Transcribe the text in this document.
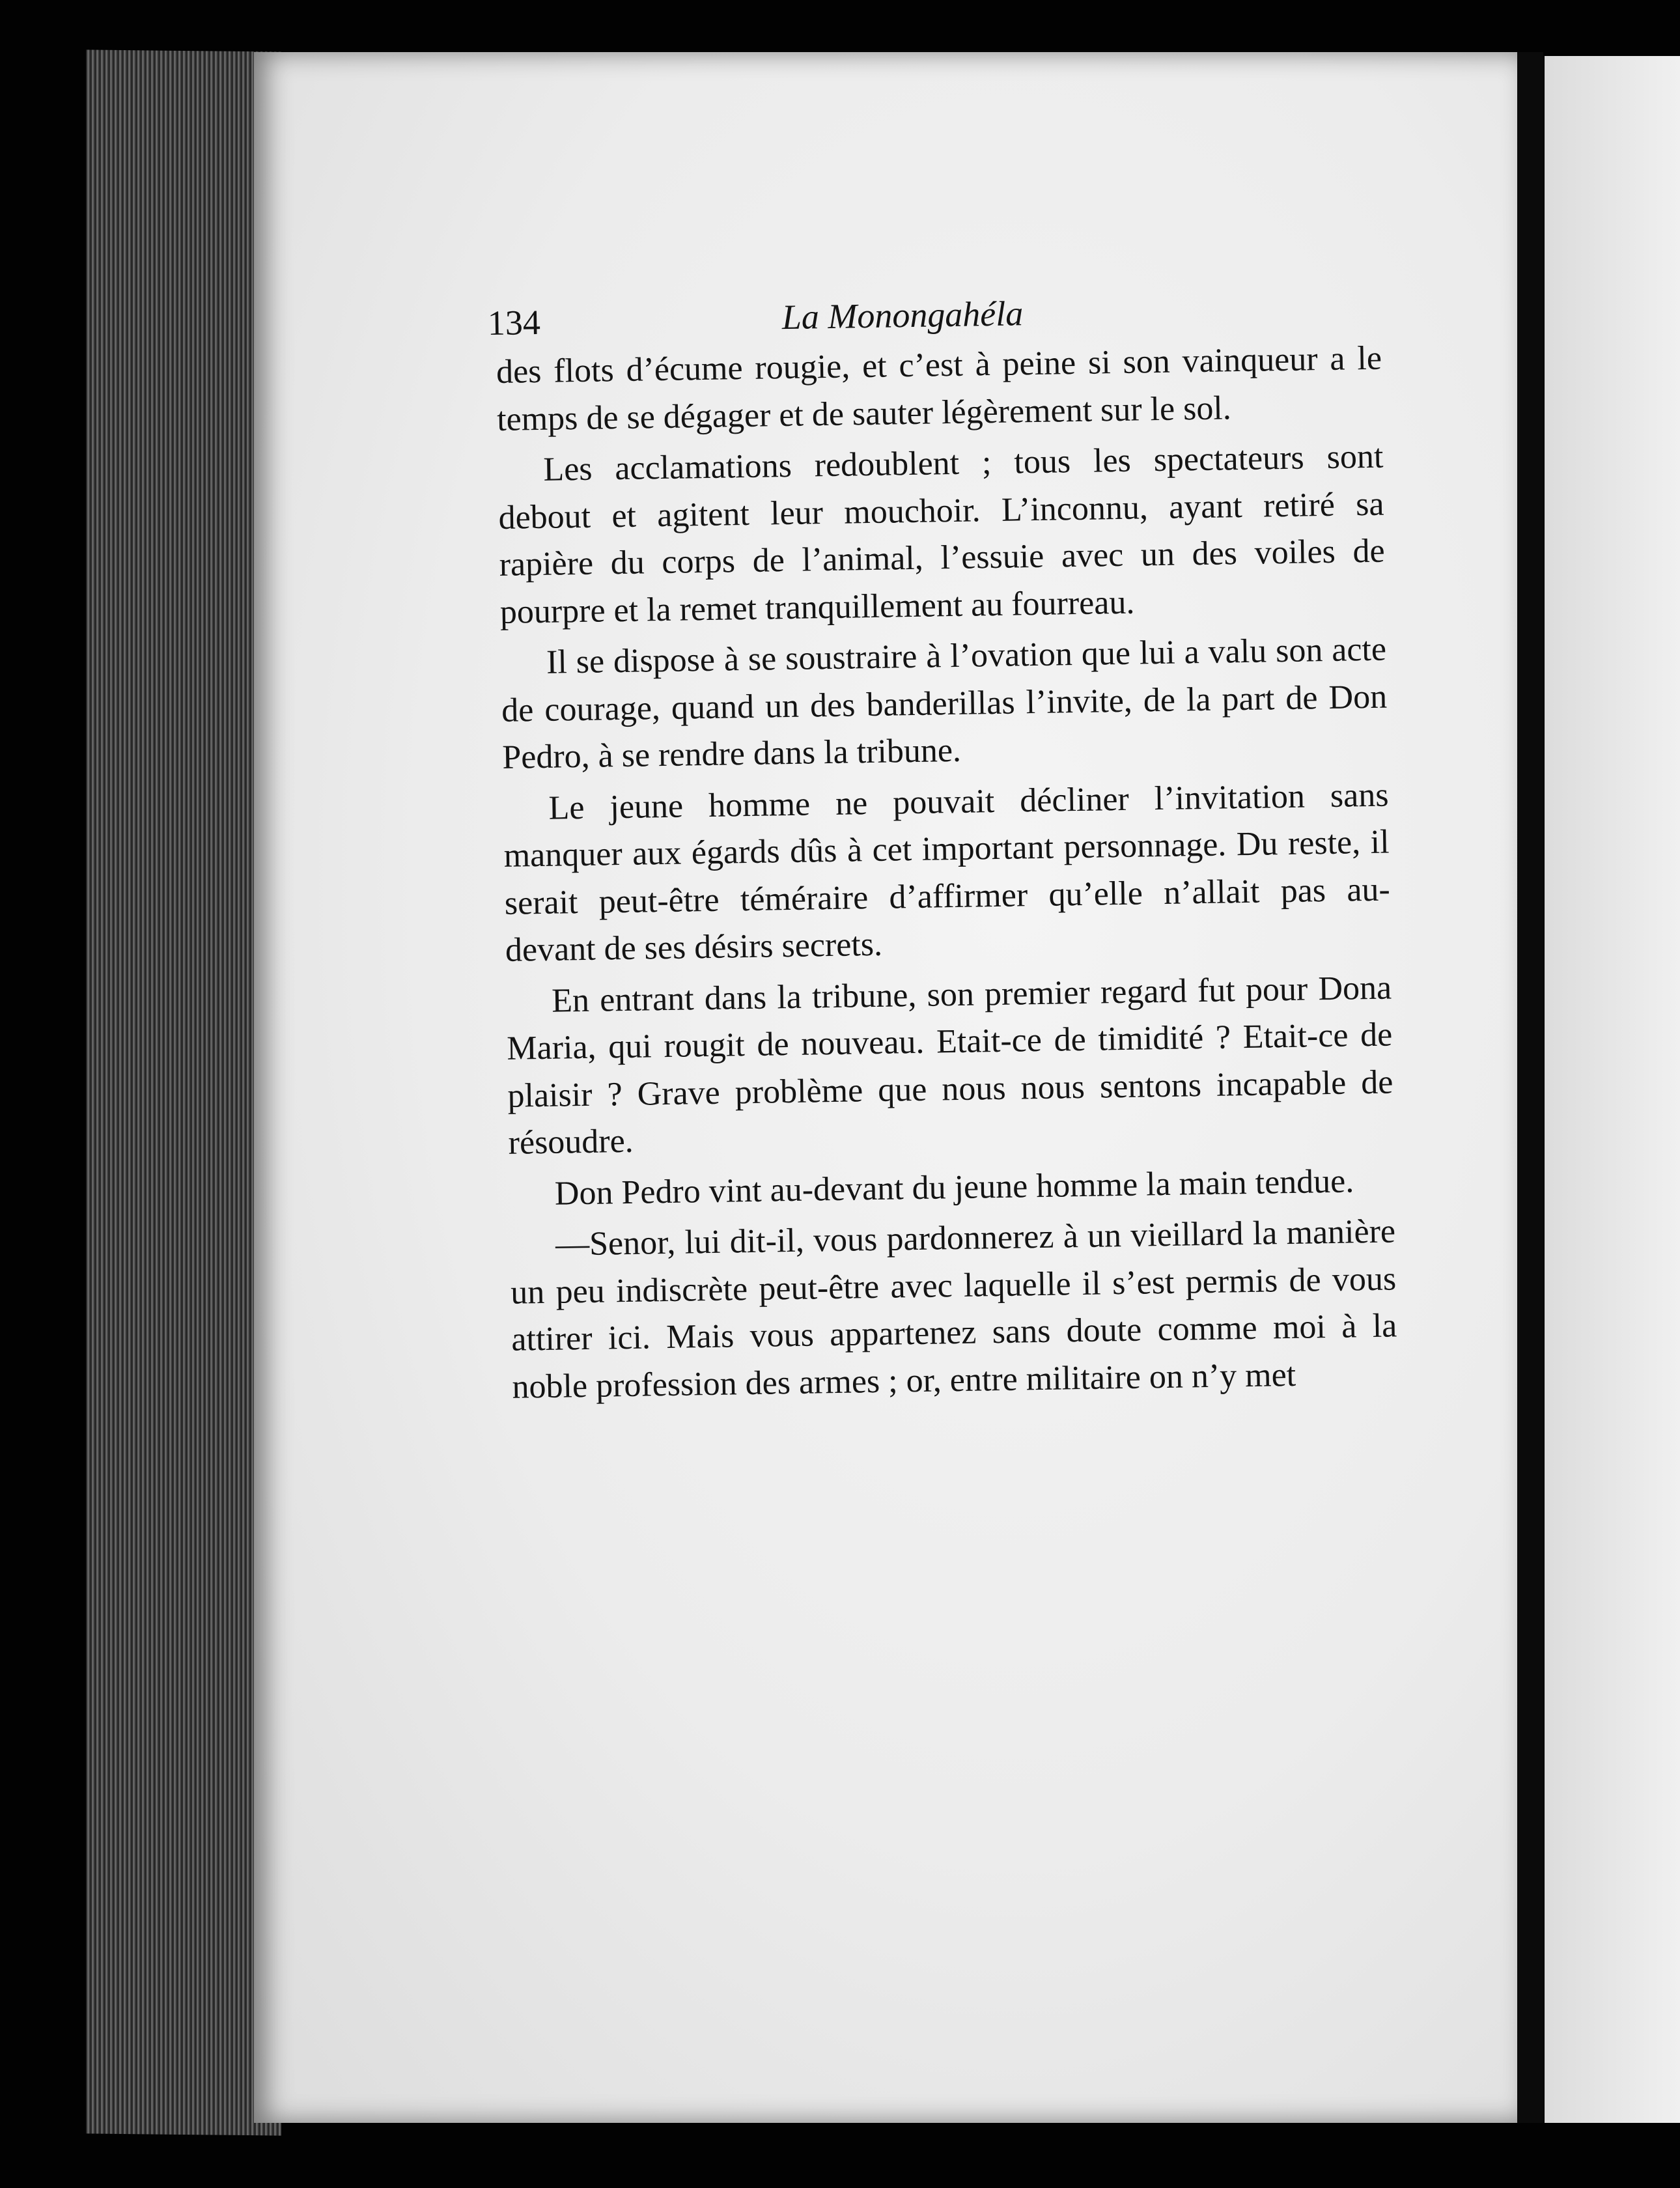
134	La Monongahéla

des flots d’écume rougie, et c’est à peine si son vainqueur a le temps de se dégager et de sauter légèrement sur le sol.

Les acclamations redoublent ; tous les spectateurs sont debout et agitent leur mouchoir. L’inconnu, ayant retiré sa rapière du corps de l’animal, l’essuie avec un des voiles de pourpre et la remet tranquillement au fourreau.

Il se dispose à se soustraire à l’ovation que lui a valu son acte de courage, quand un des banderillas l’invite, de la part de Don Pedro, à se rendre dans la tribune.

Le jeune homme ne pouvait décliner l’invitation sans manquer aux égards dûs à cet important personnage. Du reste, il serait peut-être téméraire d’affirmer qu’elle n’allait pas au-devant de ses désirs secrets.

En entrant dans la tribune, son premier regard fut pour Dona Maria, qui rougit de nouveau. Etait-ce de timidité ? Etait-ce de plaisir ? Grave problème que nous nous sentons incapable de résoudre.

Don Pedro vint au-devant du jeune homme la main tendue.

—Senor, lui dit-il, vous pardonnerez à un vieillard la manière un peu indiscrète peut-être avec laquelle il s’est permis de vous attirer ici. Mais vous appartenez sans doute comme moi à la noble profession des armes ; or, entre militaire on n’y met
